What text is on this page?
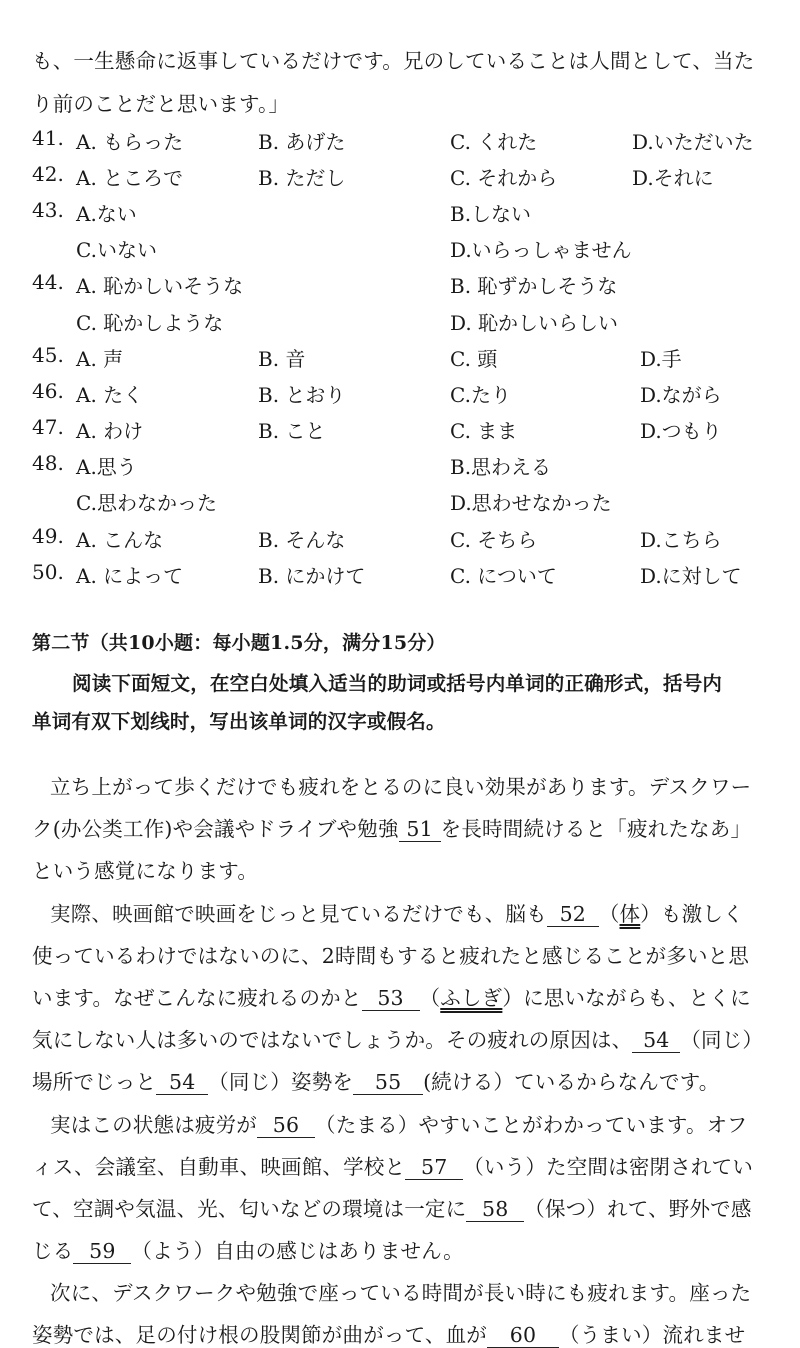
も、一生懸命に返事しているだけです。兄のしていることは人間として、当た
り前のことだと思います。」
41. A. もらった	B. あげた	C. くれた	D.いただいた
42. A. ところで	B. ただし	C. それから	D.それに
43. A.ない	B.しない
C.いない	D.いらっしゃません
44. A. 恥かしいそうな	B. 恥ずかしそうな
C. 恥かしような	D. 恥かしいらしい
45. A. 声	B. 音	C. 頭	D.手
46. A. たく	B. とおり	C.たり	D.ながら
47. A. わけ	B. こと	C. まま	D.つもり
48. A.思う	B.思わえる
C.思わなかった	D.思わせなかった
49. A. こんな	B. そんな	C. そちら	D.こちら
50. A. によって	B. にかけて	C. について	D.に対して
第二节（共10小题：每小题1.5分，满分15分）
阅读下面短文，在空白处填入适当的助词或括号内单词的正确形式，括号内
单词有双下划线时，写出该单词的汉字或假名。
立ち上がって歩くだけでも疲れをとるのに良い効果があります。デスクワー
ク(办公类工作)や会議やドライブや勉強 51 を長時間続けると「疲れたなあ」
という感覚になります。
実際、映画館で映画をじっと見ているだけでも、脳も 52 （体）も激しく
使っているわけではないのに、2時間もすると疲れたと感じることが多いと思
います。なぜこんなに疲れるのかと 53 （ふしぎ）に思いながらも、とくに
気にしない人は多いのではないでしょうか。その疲れの原因は、 54 （同じ）
場所でじっと 54 （同じ）姿勢を 55 (続ける）ているからなんです。
実はこの状態は疲労が 56 （たまる）やすいことがわかっています。オフ
ィス、会議室、自動車、映画館、学校と 57 （いう）た空間は密閉されてい
て、空調や気温、光、匂いなどの環境は一定に 58 （保つ）れて、野外で感
じる 59 （よう）自由の感じはありません。
次に、デスクワークや勉強で座っている時間が長い時にも疲れます。座った
姿勢では、足の付け根の股関節が曲がって、血が 60 （うまい）流れませ
